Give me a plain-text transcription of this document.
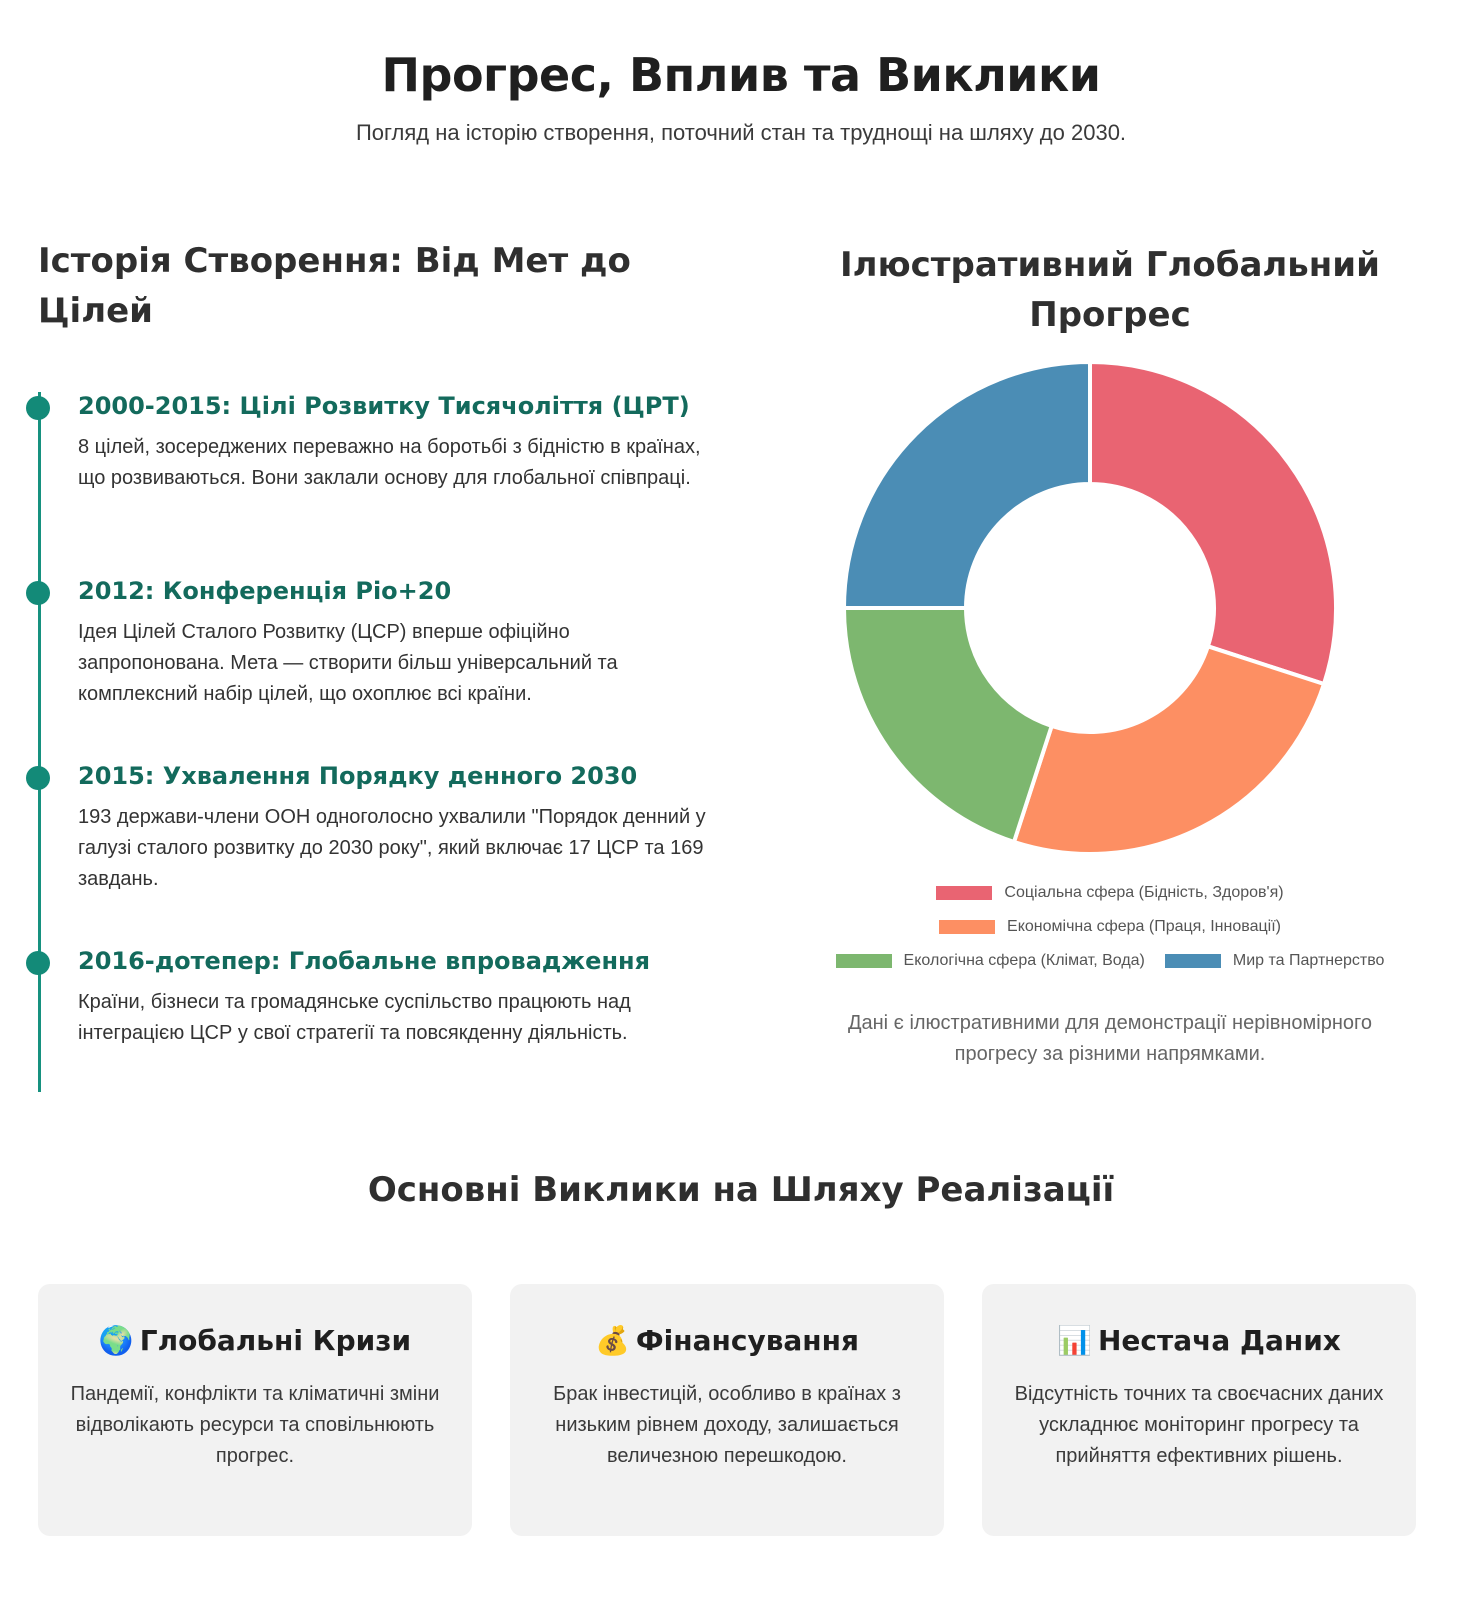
Прогрес, Вплив та Виклики

Погляд на історію створення, поточний стан та труднощі на шляху до 2030.

Історія Створення: Від Мет до Цілей
2000-2015: Цілі Розвитку Тисячоліття (ЦРТ)

8 цілей, зосереджених переважно на боротьбі з бідністю в країнах, що розвиваються. Вони заклали основу для глобальної співпраці.

2012: Конференція Ріо+20

Ідея Цілей Сталого Розвитку (ЦСР) вперше офіційно запропонована. Мета — створити більш універсальний та комплексний набір цілей, що охоплює всі країни.

2015: Ухвалення Порядку денного 2030

193 держави-члени ООН одноголосно ухвалили "Порядок денний у галузі сталого розвитку до 2030 року", який включає 17 ЦСР та 169 завдань.

2016-дотепер: Глобальне впровадження

Країни, бізнеси та громадянське суспільство працюють над інтеграцією ЦСР у свої стратегії та повсякденну діяльність.

Ілюстративний Глобальний Прогрес
Соціальна сфера (Бідність, Здоров'я)
Економічна сфера (Праця, Інновації)
Екологічна сфера (Клімат, Вода)	Мир та Партнерство

Дані є ілюстративними для демонстрації нерівномірного прогресу за різними напрямками.

Основні Виклики на Шляху Реалізації
🌍 Глобальні Кризи

Пандемії, конфлікти та кліматичні зміни відволікають ресурси та сповільнюють прогрес.

💰 Фінансування

Брак інвестицій, особливо в країнах з низьким рівнем доходу, залишається величезною перешкодою.

📊 Нестача Даних

Відсутність точних та своєчасних даних ускладнює моніторинг прогресу та прийняття ефективних рішень.
